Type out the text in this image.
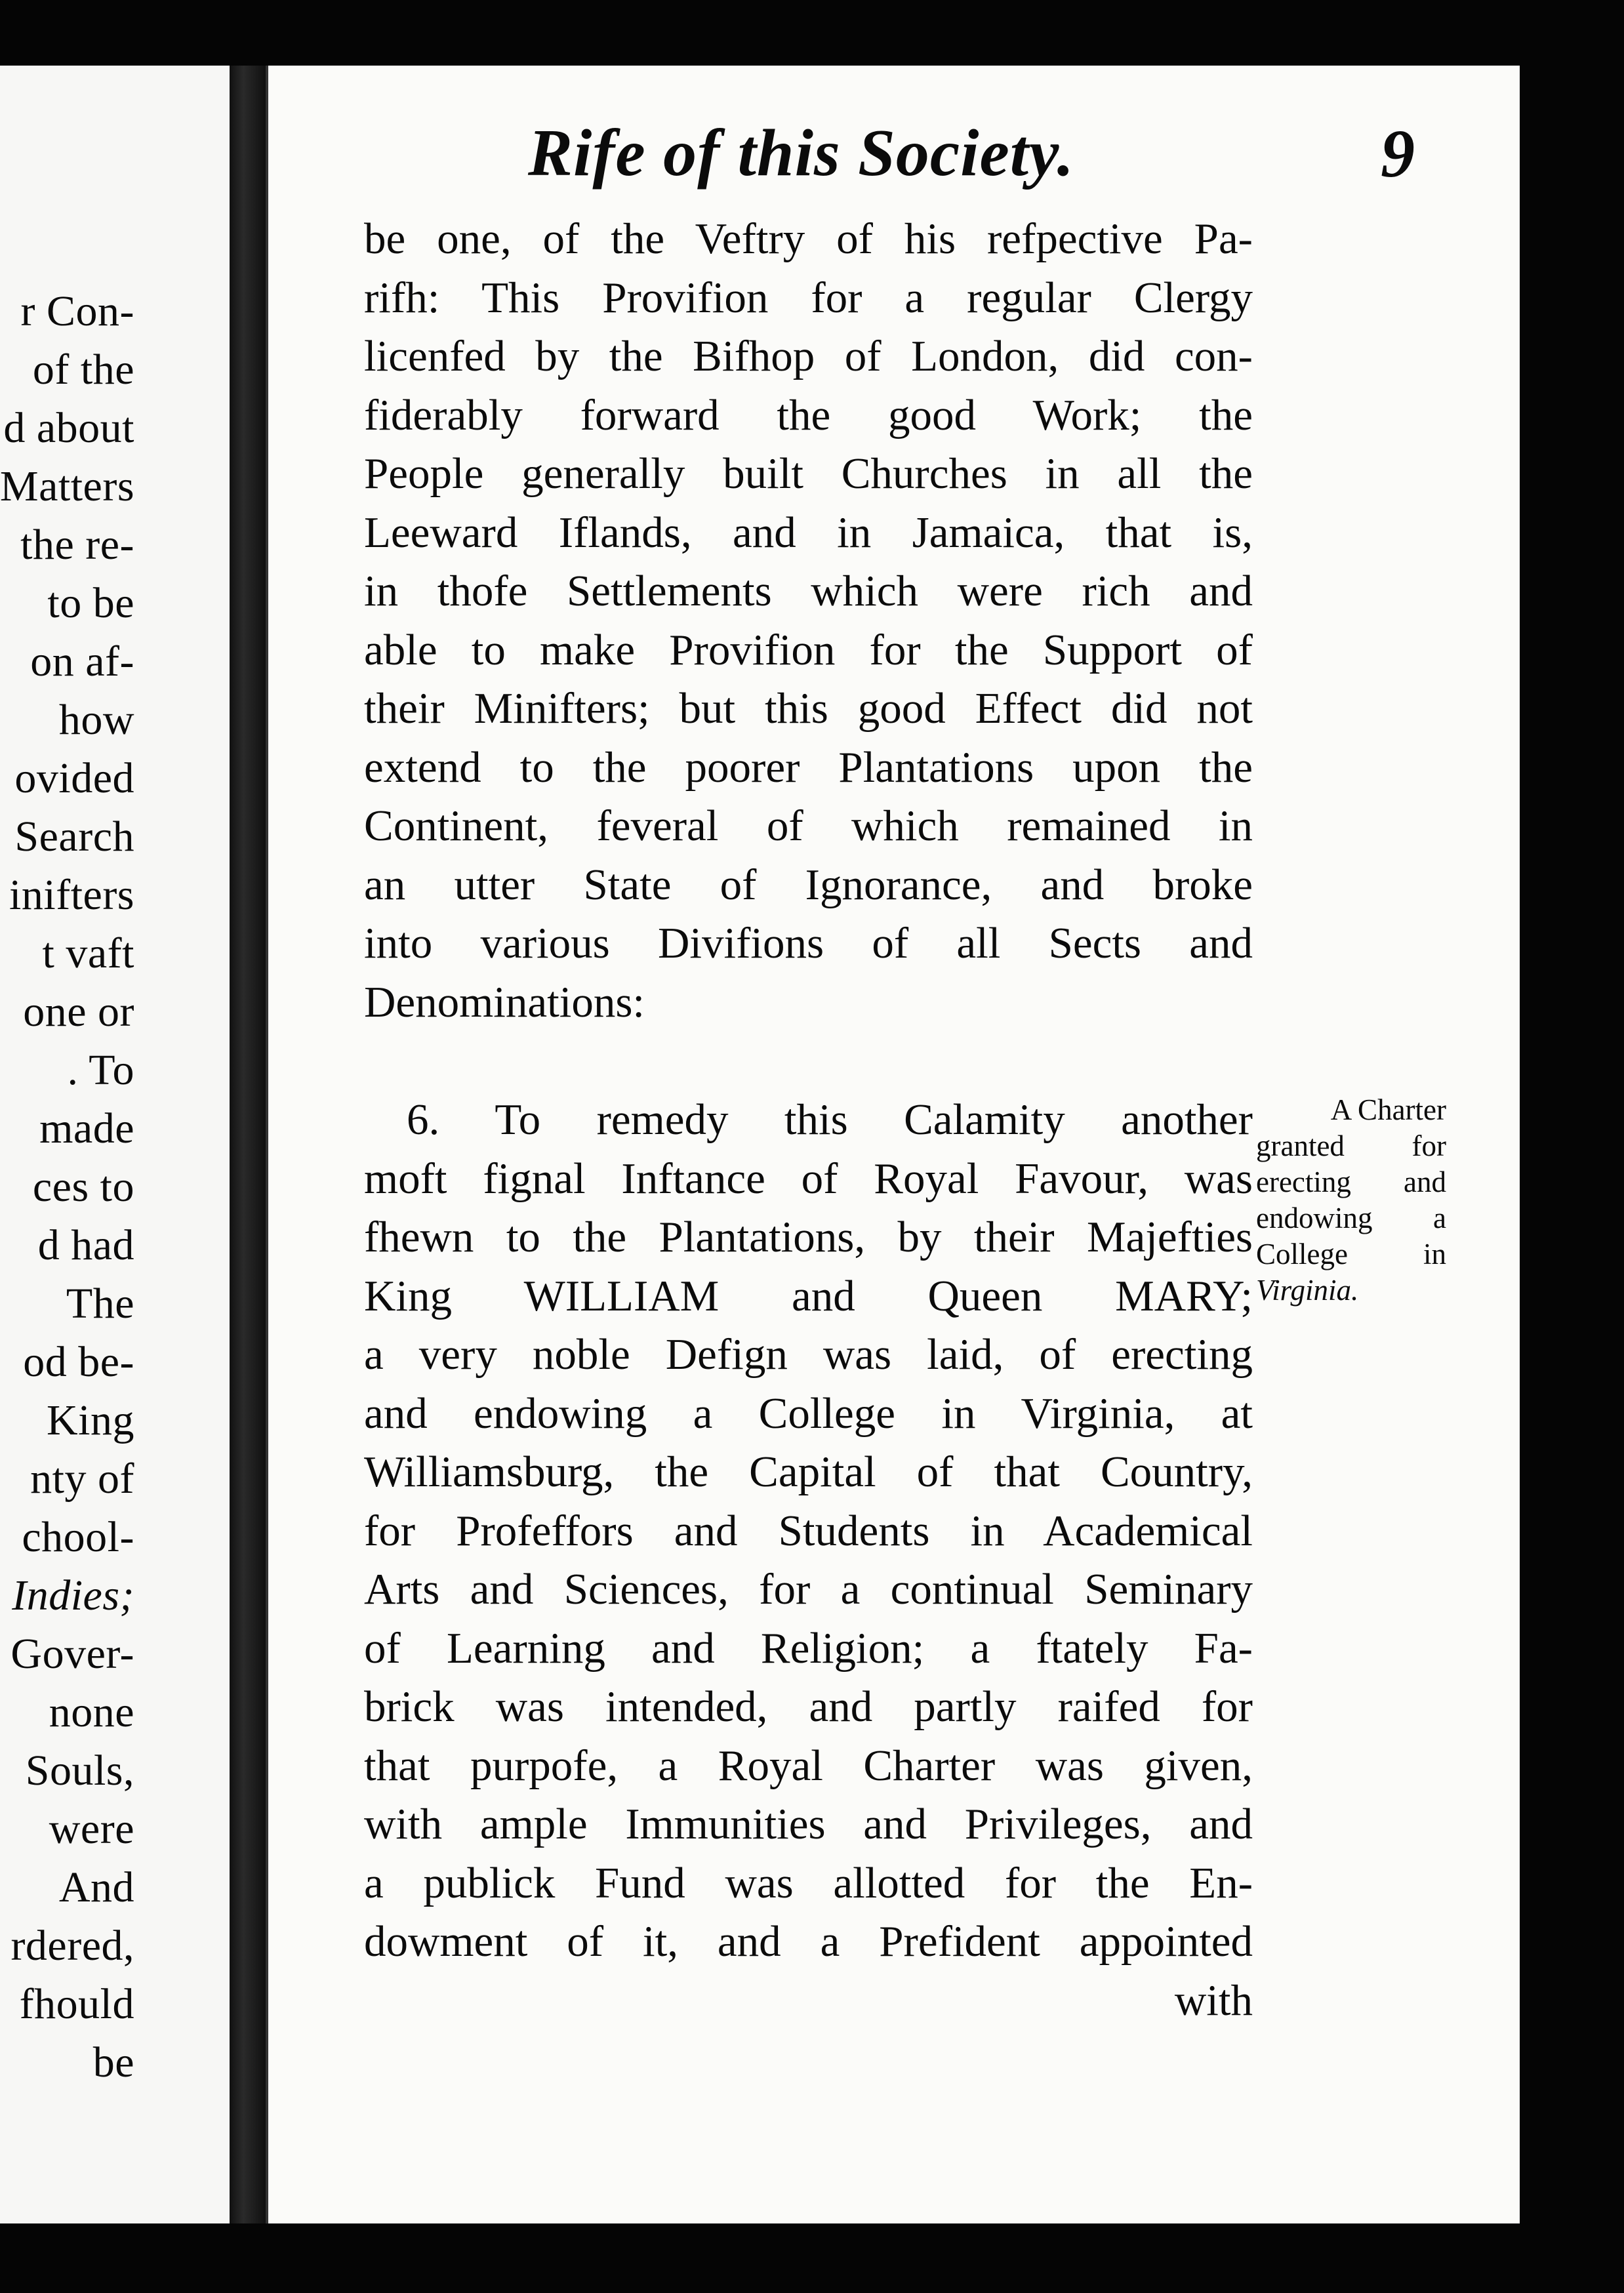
r Con-
of the
d about
Matters
the re-
to be
on af-
how
ovided
Search
inifters
t vaft
one or
. To
made
ces to
d had
The
od be-
King
nty of
chool-
Indies;
Gover-
none
Souls,
were
And
rdered,
fhould
be
Rife of this Society.	9
be one, of the Veftry of his refpective Pa-
rifh: This Provifion for a regular Clergy
licenfed by the Bifhop of London, did con-
fiderably forward the good Work; the
People generally built Churches in all the
Leeward Iflands, and in Jamaica, that is,
in thofe Settlements which were rich and
able to make Provifion for the Support of
their Minifters; but this good Effect did not
extend to the poorer Plantations upon the
Continent, feveral of which remained in
an utter State of Ignorance, and broke
into various Divifions of all Sects and
Denominations:
6. To remedy this Calamity another
moft fignal Inftance of Royal Favour, was
fhewn to the Plantations, by their Majefties
King WILLIAM and Queen MARY;
a very noble Defign was laid, of erecting
and endowing a College in Virginia, at
Williamsburg, the Capital of that Country,
for Profeffors and Students in Academical
Arts and Sciences, for a continual Seminary
of Learning and Religion; a ftately Fa-
brick was intended, and partly raifed for
that purpofe, a Royal Charter was given,
with ample Immunities and Privileges, and
a publick Fund was allotted for the En-
dowment of it, and a Prefident appointed
with
A Charter
granted for
erecting and
endowing a
College in
Virginia.
